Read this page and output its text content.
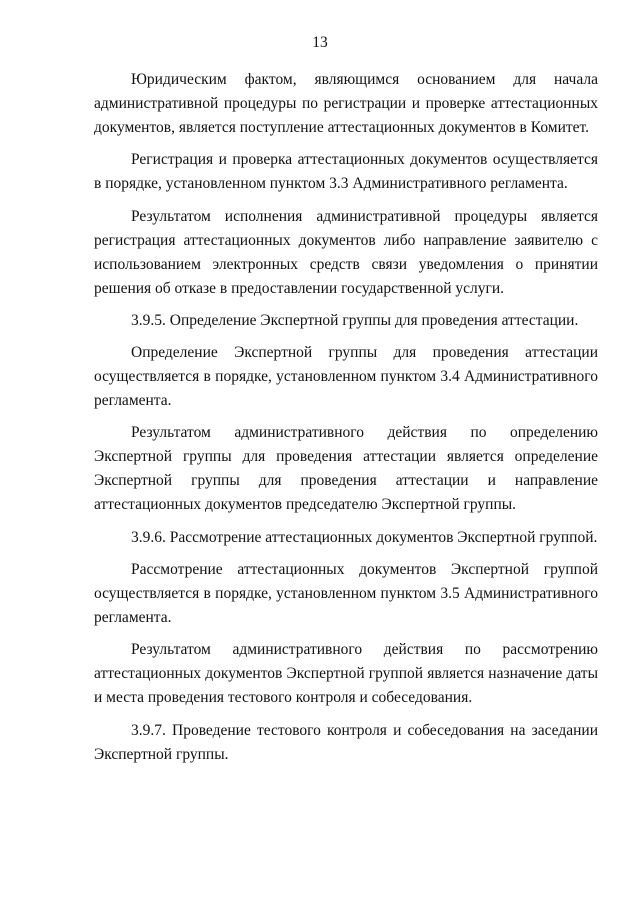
13

Юридическим фактом, являющимся основанием для начала административной процедуры по регистрации и проверке аттестационных документов, является поступление аттестационных документов в Комитет.

Регистрация и проверка аттестационных документов осуществляется в порядке, установленном пунктом 3.3 Административного регламента.

Результатом исполнения административной процедуры является регистрация аттестационных документов либо направление заявителю с использованием электронных средств связи уведомления о принятии решения об отказе в предоставлении государственной услуги.

3.9.5. Определение Экспертной группы для проведения аттестации.

Определение Экспертной группы для проведения аттестации осуществляется в порядке, установленном пунктом 3.4 Административного регламента.

Результатом административного действия по определению Экспертной группы для проведения аттестации является определение Экспертной группы для проведения аттестации и направление аттестационных документов председателю Экспертной группы.

3.9.6. Рассмотрение аттестационных документов Экспертной группой.

Рассмотрение аттестационных документов Экспертной группой осуществляется в порядке, установленном пунктом 3.5 Административного регламента.

Результатом административного действия по рассмотрению аттестационных документов Экспертной группой является назначение даты и места проведения тестового контроля и собеседования.

3.9.7. Проведение тестового контроля и собеседования на заседании Экспертной группы.
